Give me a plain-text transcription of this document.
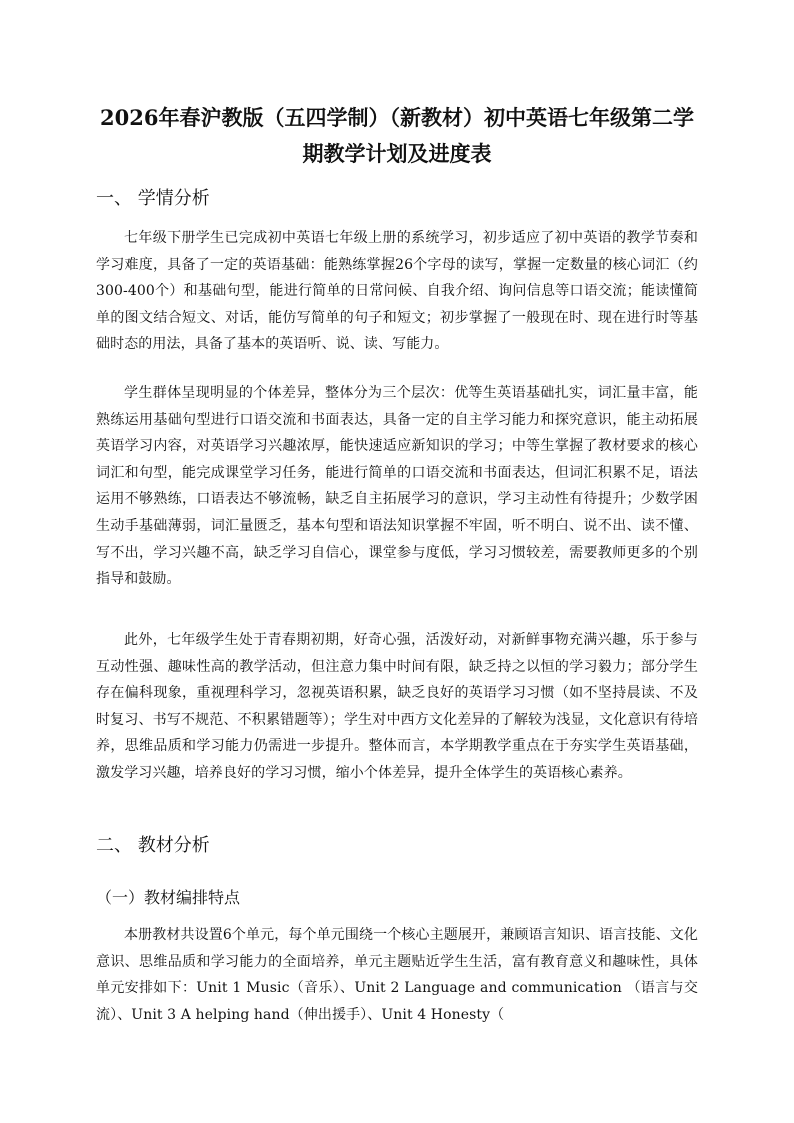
2026年春沪教版（五四学制）（新教材）初中英语七年级第二学期教学计划及进度表
一、 学情分析

七年级下册学生已完成初中英语七年级上册的系统学习，初步适应了初中英语的教学节奏和学习难度，具备了一定的英语基础：能熟练掌握26个字母的读写，掌握一定数量的核心词汇（约300-400个）和基础句型，能进行简单的日常问候、自我介绍、询问信息等口语交流；能读懂简单的图文结合短文、对话，能仿写简单的句子和短文；初步掌握了一般现在时、现在进行时等基础时态的用法，具备了基本的英语听、说、读、写能力。

学生群体呈现明显的个体差异，整体分为三个层次：优等生英语基础扎实，词汇量丰富，能熟练运用基础句型进行口语交流和书面表达，具备一定的自主学习能力和探究意识，能主动拓展英语学习内容，对英语学习兴趣浓厚，能快速适应新知识的学习；中等生掌握了教材要求的核心词汇和句型，能完成课堂学习任务，能进行简单的口语交流和书面表达，但词汇积累不足，语法运用不够熟练，口语表达不够流畅，缺乏自主拓展学习的意识，学习主动性有待提升；少数学困生动手基础薄弱，词汇量匮乏，基本句型和语法知识掌握不牢固，听不明白、说不出、读不懂、写不出，学习兴趣不高，缺乏学习自信心，课堂参与度低，学习习惯较差，需要教师更多的个别指导和鼓励。

此外，七年级学生处于青春期初期，好奇心强，活泼好动，对新鲜事物充满兴趣，乐于参与互动性强、趣味性高的教学活动，但注意力集中时间有限，缺乏持之以恒的学习毅力；部分学生存在偏科现象，重视理科学习，忽视英语积累，缺乏良好的英语学习习惯（如不坚持晨读、不及时复习、书写不规范、不积累错题等）；学生对中西方文化差异的了解较为浅显，文化意识有待培养，思维品质和学习能力仍需进一步提升。整体而言，本学期教学重点在于夯实学生英语基础，激发学习兴趣，培养良好的学习习惯，缩小个体差异，提升全体学生的英语核心素养。

二、 教材分析
（一）教材编排特点

本册教材共设置6个单元，每个单元围绕一个核心主题展开，兼顾语言知识、语言技能、文化意识、思维品质和学习能力的全面培养，单元主题贴近学生生活，富有教育意义和趣味性，具体单元安排如下：Unit 1 Music（音乐）、Unit 2 Language and communication （语言与交流）、Unit 3 A helping hand（伸出援手）、Unit 4 Honesty（
